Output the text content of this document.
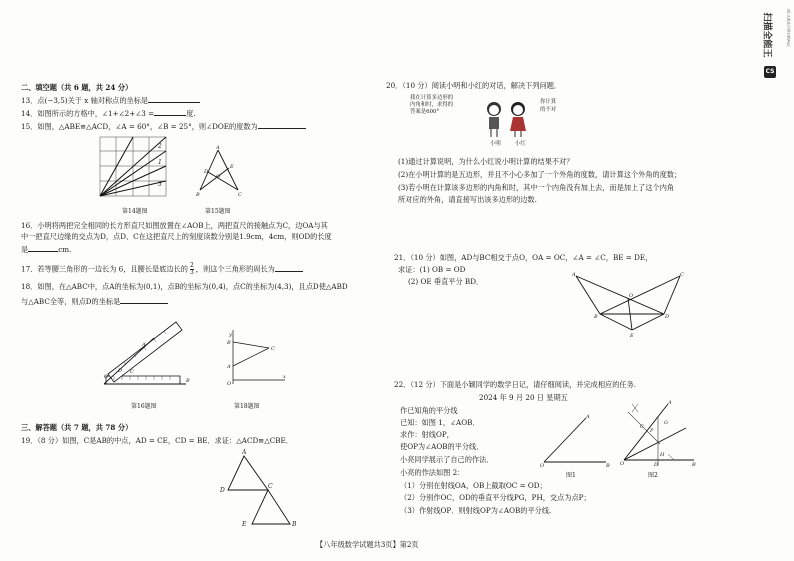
CS
扫描全能王	3亿人都在用的扫描App
二、填空题（共 6 题，共 24 分）
13．点(−3,5)关于 x 轴对称点的坐标是
14．如图所示的方格中，∠1+∠2+∠3 =	度.
15．如图，△ABE≌△ACD，∠A = 60°，∠B = 25°，则∠DOE的度数为
2
1
3
第14题图
A
D
E
O
B	C
第15题图
16．小明将两把完全相同的长方形直尺如图放置在∠AOB上，两把直尺的接触点为C，边OA与其
中一把直尺边缘的交点为D，点D、C在这把直尺上的刻度读数分别是1.9cm，4cm，则OD的长度
是	cm.
17．若等腰三角形的一边长为 6，且腰长是底边长的 $\frac{2}{3}$ ，则这个三角形的周长为
18．如图，在△ABC中，点A的坐标为(0,1)，点B的坐标为(0,4)，点C的坐标为(4,3)，且点D使△ABD
与△ABC全等，则点D的坐标是
O
A
B
D C
第16题图
y
x
O
B
A
C
第18题图
三、解答题（共 7 题，共 78 分）
19．（8 分）如图，C是AB的中点，AD = CE，CD = BE．求证：△ACD≌△CBE．
A
D
C
E	B
20．（10 分）阅读小明和小红的对话，解决下列问题．
我在计算多边形的
内角和时，求得的
答案是600°
你计算的不对
小明	小红
(1)通过计算说明，为什么小红说小明计算的结果不对？
(2)在小明计算的是五边形，并且不小心多加了一个外角的度数，请计算这个外角的度数；
(3)若小明在计算该多边形的内角和时，其中一个内角没有加上去，而是加上了这个内角
所对应的外角，请直接写出该多边形的边数.
21．（10 分）如图，AD与BC相交于点O，OA = OC，∠A = ∠C，BE = DE，
求证：(1) OB = OD
(2) OE 垂直平分 BD．
A	C
O
B	D
E
22．（12 分）下面是小颖同学的数学日记，请仔细阅读，并完成相应的任务.
2024 年 9 月 20 日 星期五
作已知角的平分线
已知：如图 1，∠AOB．
求作：射线OP，
使OP为∠AOB的平分线．
小亮同学展示了自己的作法．
小亮的作法如图 2：
（1）分别在射线OA，OB上截取OC = OD；
（2）分别作OC，OD的垂直平分线PG，PH，交点为点P；
（3）作射线OP．则射线OP为∠AOB的平分线.
A
O	B
图1
A
O	B
C
P
G
D
H
图2
【八年级数学试题共3页】第2页
